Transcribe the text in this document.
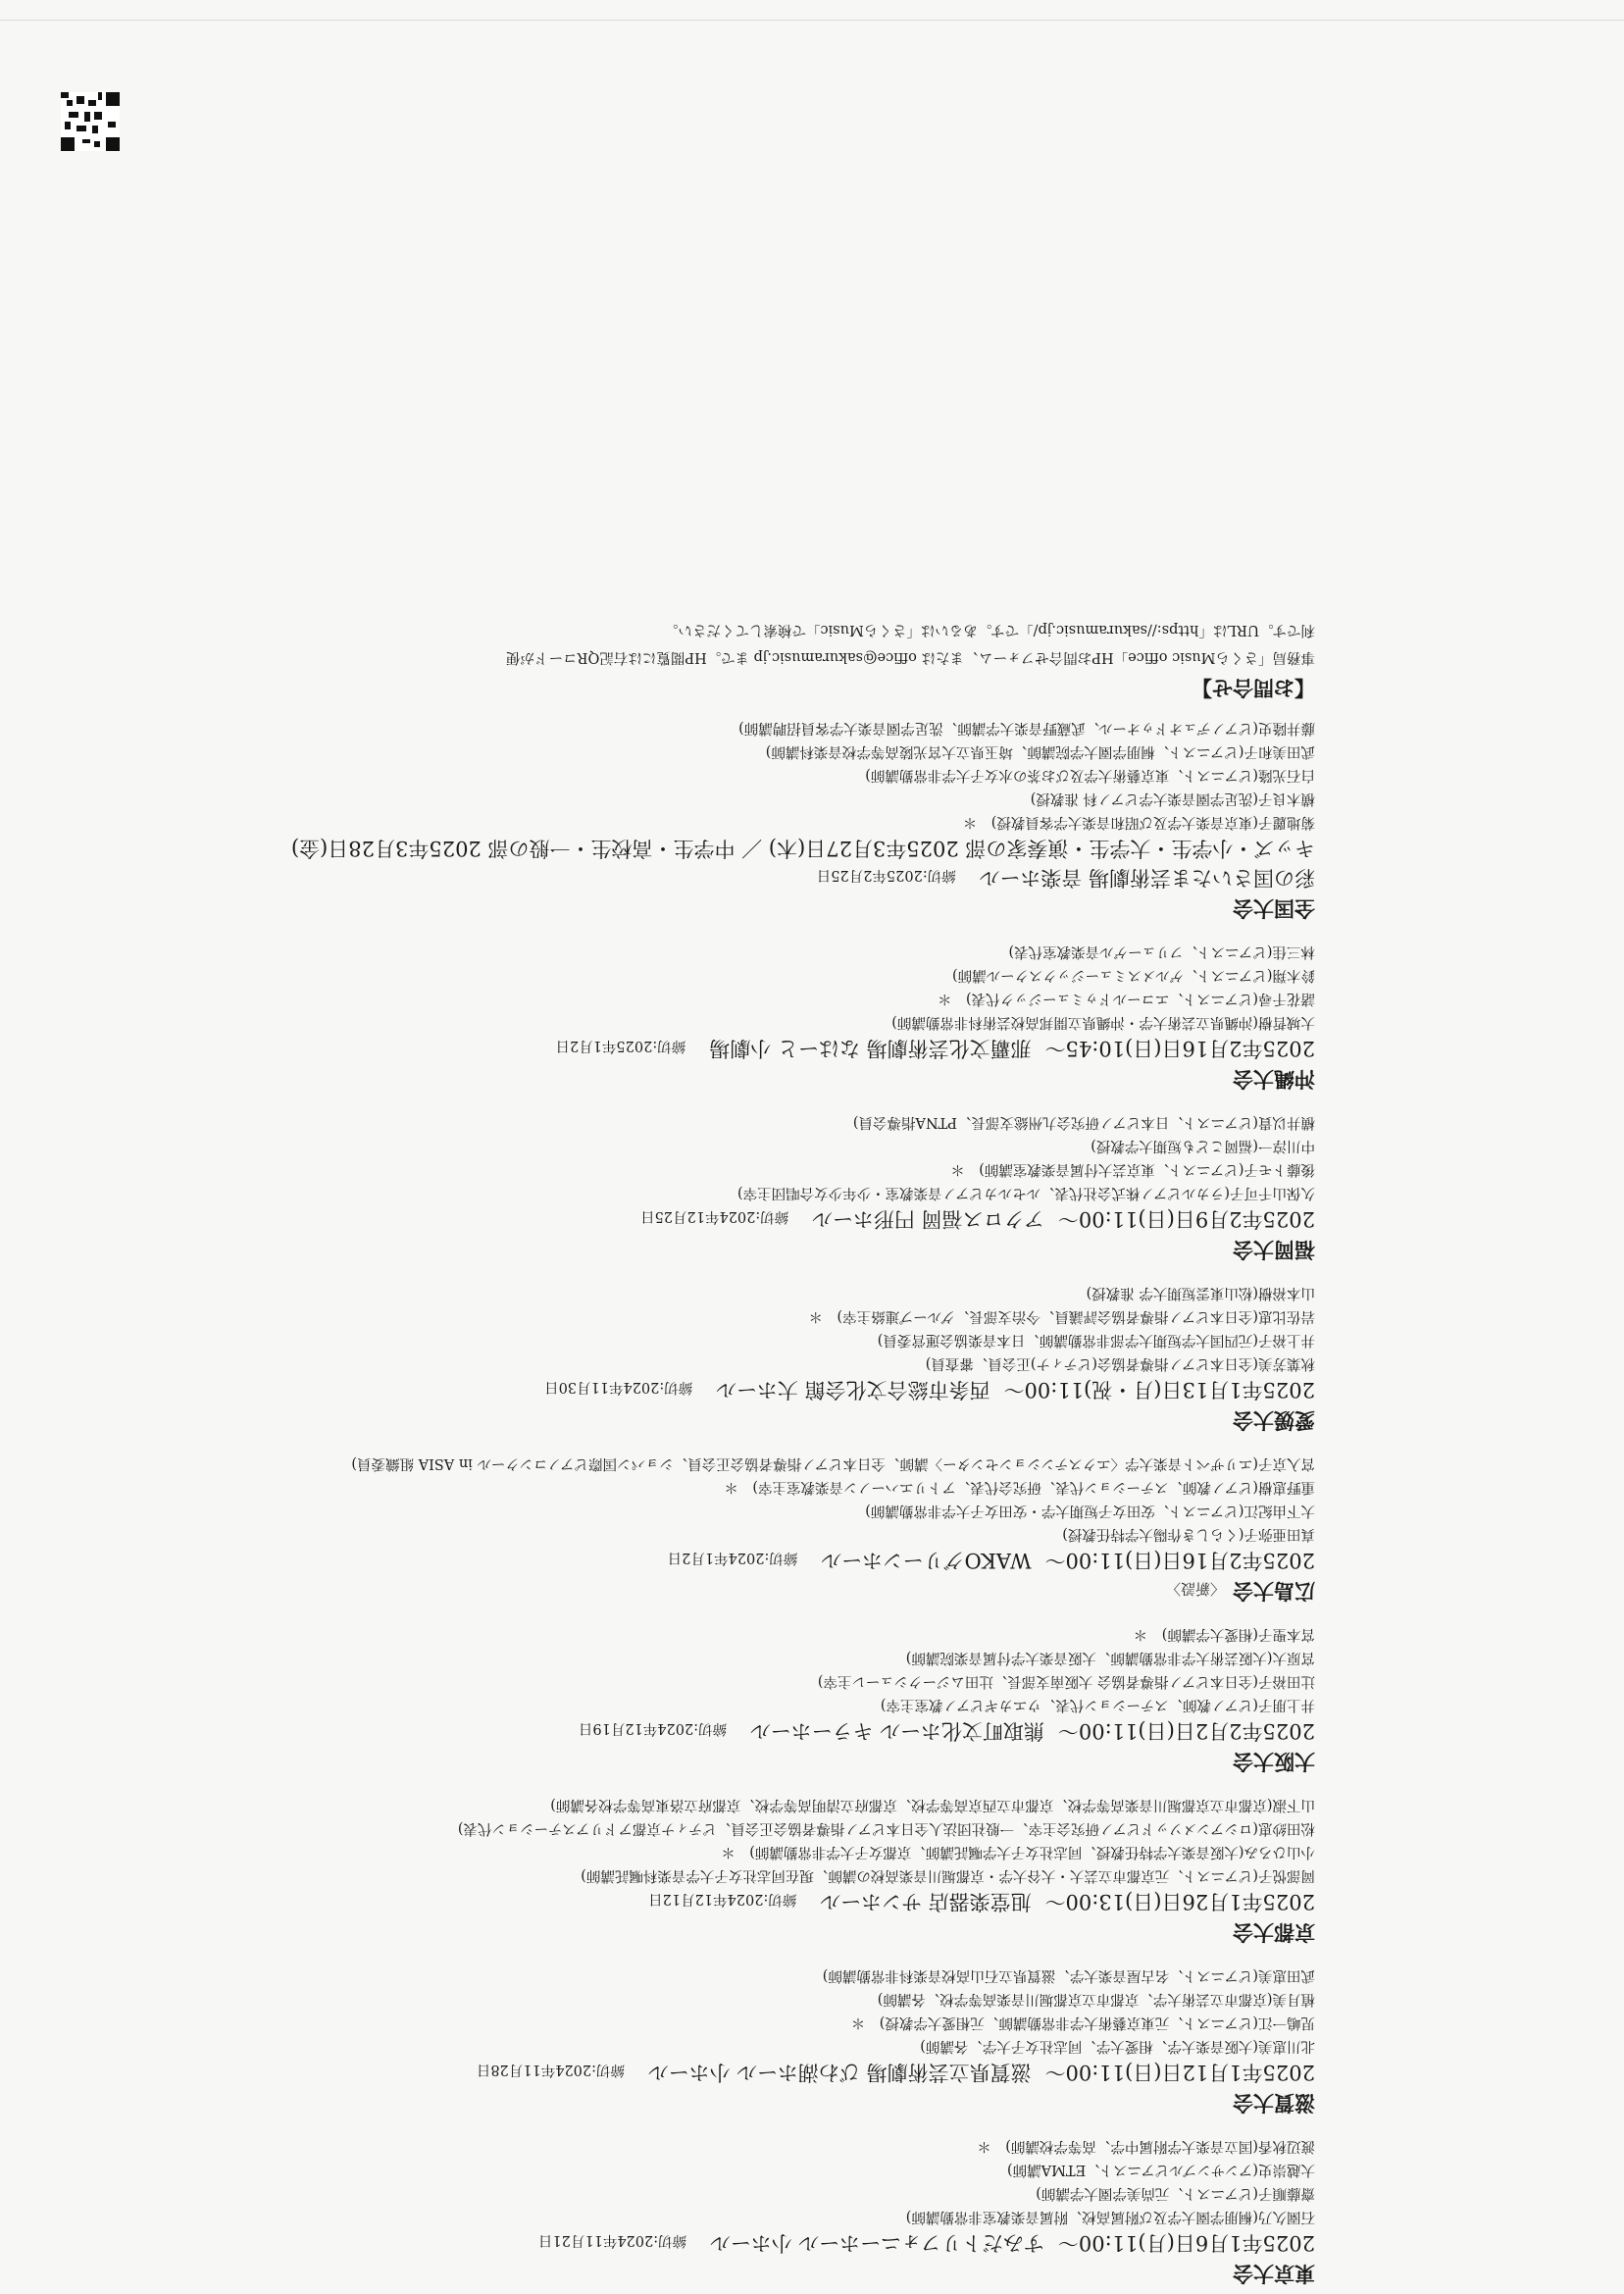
東京大会
2025年1月6日(月)11:00〜すみだトリフォニーホール 小ホール締切:2024年11月21日
石園久乃(桐朋学園大学及び附属高校、附属音楽教室非常勤講師)
齋藤順子(ピアニスト、元尚美学園大学講師)
大越崇史(アンサンブルピアニスト、ETMA講師)
渡辺秋香(国立音楽大学附属中学、高等学校講師)　＊
滋賀大会
2025年1月12日(日)11:00〜滋賀県立芸術劇場 びわ湖ホール 小ホール締切:2024年11月28日
北川恵美(大阪音楽大学、相愛大学、同志社女子大学、各講師)
児嶋一江(ピアニスト、元東京藝術大学非常勤講師、元相愛大学教授)　＊
植月美(京都市立芸術大学、京都市立京都堀川音楽高等学校、各講師)
武田恵美(ピアニスト、名古屋音楽大学、滋賀県立石山高校音楽科非常勤講師)
京都大会
2025年1月26日(日)13:00〜旭堂楽器店 サンホール締切:2024年12月12日
岡部悦子(ピアニスト、元京都市立芸大・大谷大学・京都堀川音楽高校の講師、現在同志社女子大学音楽科嘱託講師)
小山ひろみ(大阪音楽大学特任教授、同志社女子大学嘱託講師、京都女子大学非常勤講師)　＊
松田紗恵(ロシアンメソッドピアノ研究会主宰、一般社団法人全日本ピアノ指導者協会正会員、ピティナ京都アドリアステーション代表)
山下淑(京都市立京都堀川音楽高等学校、京都市立西京高等学校、京都府立清明高等学校、京都府立洛東高等学校各講師)
大阪大会
2025年2月2日(日)11:00〜熊取町文化ホール キラーホール締切:2024年12月19日
井上朋子(ピアノ教師、ステーション代表、ウエカギピアノ教室主宰)
辻田裕子(全日本ピアノ指導者協会 大阪南支部長、辻田ムジークシューレ主宰)
宮原大(大阪芸術大学非常勤講師、大阪音楽大学付属音楽院講師)
宮本聖子(相愛大学講師)　＊
広島大会〈新設〉
2025年2月16日(日)11:00〜WAKOグリーンホール締切:2024年1月2日
真田亜弥子(くらしき作陽大学特任教授)
大下由紀江(ピアニスト、安田女子短期大学・安田女子大学非常勤講師)
重野恵樹(ピアノ教師、ステーション代表、研究会代表、アトリエハーノン音楽教室主宰)　＊
宮入京子(エリザベト音楽大学〈エクステンションセンター〉講師、全日本ピアノ指導者協会正会員、ショパン国際ピアノコンクール in ASIA 組織委員)
愛媛大会
2025年1月13日(月・祝)11:00〜西条市総合文化会館 大ホール締切:2024年11月30日
秋葉芳美(全日本ピアノ指導者協会(ピティナ)正会員、審査員)
井上裕子(元四国大学短期大学部非常勤講師、日本音楽協会運営委員)
岩佐比恵(全日本ピアノ指導者協会評議員、今治支部長、グループ連絡主宰)　＊
山本裕樹(松山東雲短期大学 准教授)
福岡大会
2025年2月9日(日)11:00〜アクロス福岡 円形ホール締切:2024年12月25日
久保山千可子(ラカルピアノ株式会社代表、ルセルカピアノ音楽教室・少年少女合唱団主宰)
後藤トモ子(ピアニスト、東京芸大付属音楽教室講師)　＊
中川淳一(福岡こども短期大学教授)
横井以貴(ピアニスト、日本ピアノ研究会九州総支部長、PTNA指導会員)
沖縄大会
2025年2月16日(日)10:45〜那覇文化芸術劇場 なはーと 小劇場締切:2025年1月2日
大城哲樹(沖縄県立芸術大学・沖縄県立開邦高校芸術科非常勤講師)
諸花千尋(ピアニスト、エコールドゥミュージック代表)　＊
鈴木翔(ピアニスト、ゲルメスミュージックスクール講師)
林三佳(ピアニスト、フリューゲル音楽教室代表)
全国大会
彩の国さいたま芸術劇場 音楽ホール締切:2025年2月25日
キッズ・小学生・大学生・演奏家の部 2025年3月27日(木) ／ 中学生・高校生・一般の部 2025年3月28日(金)
菊地麗子(東京音楽大学及び昭和音楽大学客員教授)　＊
横木良子(洗足学園音楽大学ピアノ科 准教授)
白石光隆(ピアニスト、東京藝術大学及びお茶の水女子大学非常勤講師)
武田美和子(ピアニスト、桐朋学園大学院講師、埼玉県立大宮光陵高等学校音楽科講師)
藤井隆史(ピアノデュオドゥオール、武蔵野音楽大学講師、洗足学園音楽大学客員招聘講師)
【お問合せ】
事務局「さくらMusic office」HPお問合せフォーム、または office@sakuramusic.jp まで。HP閲覧には右記QRコードが便
利です。URLは「https://sakuramusic.jp/」です。あるいは「さくらMusic」で検索してください。
